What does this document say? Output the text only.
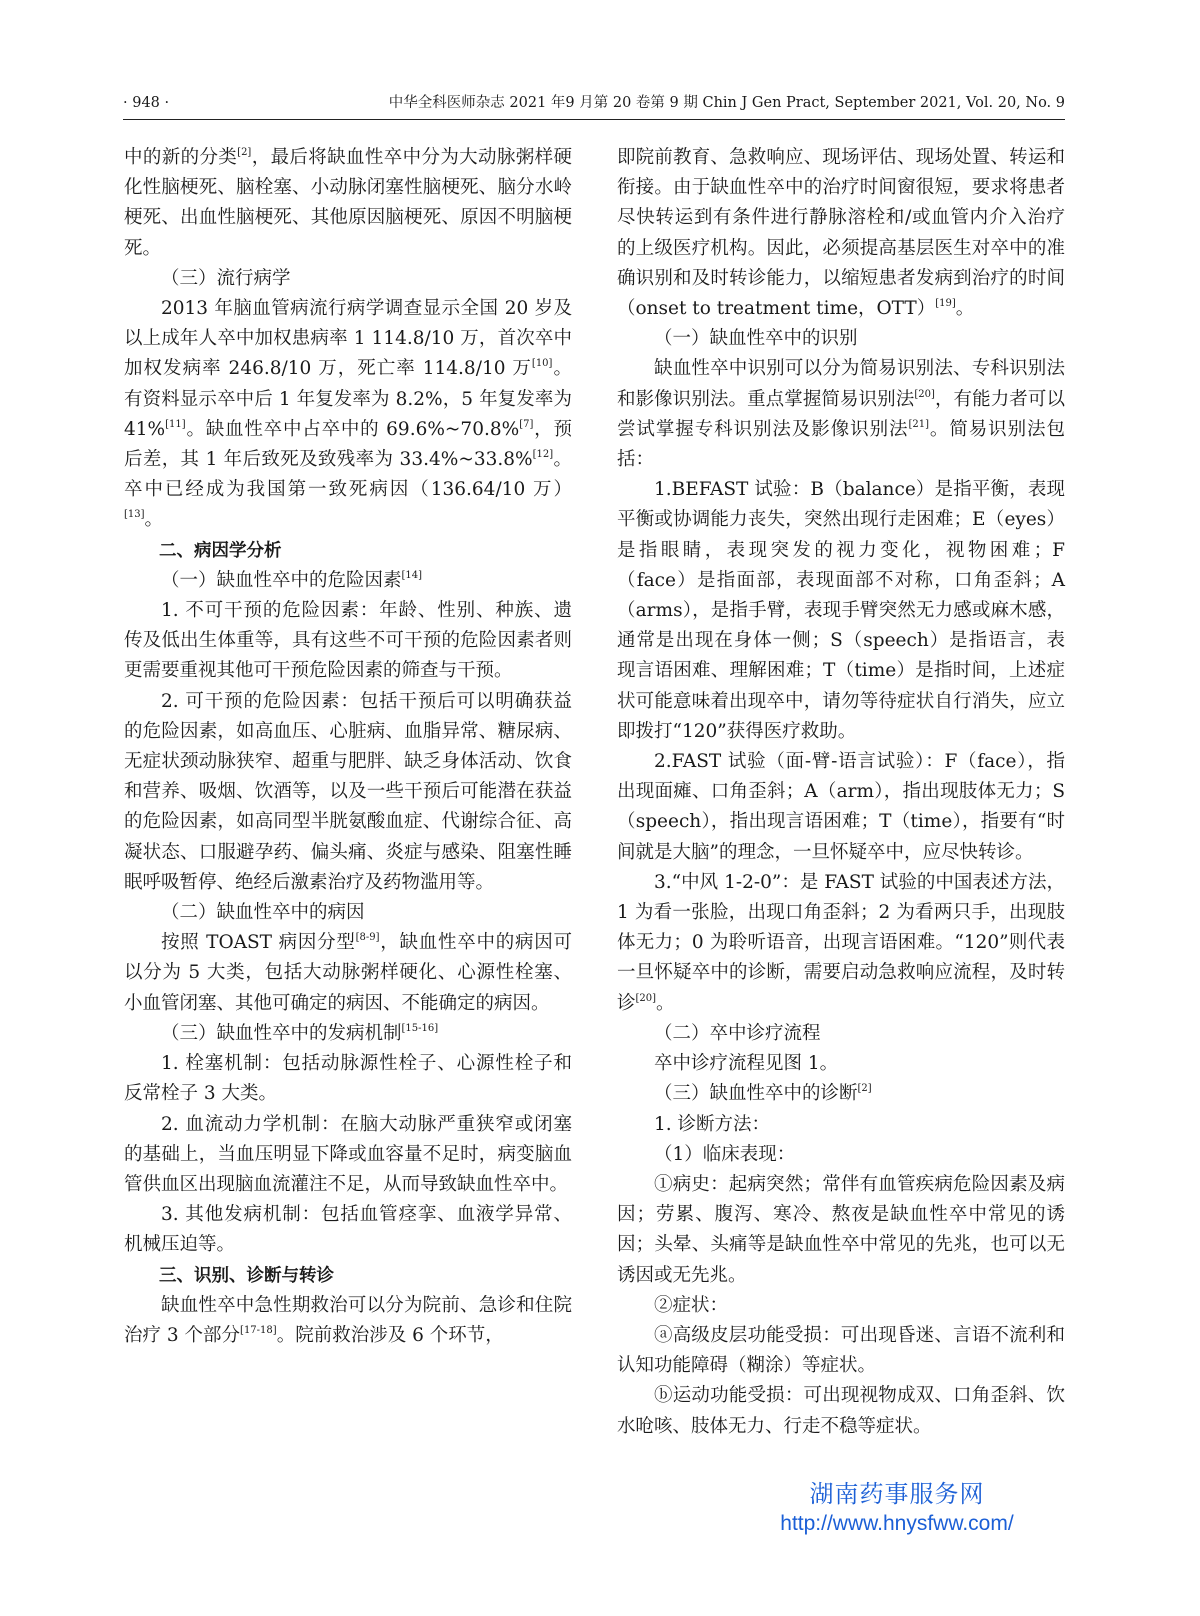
· 948 ·	中华全科医师杂志 2021 年9 月第 20 卷第 9 期 Chin J Gen Pract, September 2021, Vol. 20, No. 9

中的新的分类[2]，最后将缺血性卒中分为大动脉粥样硬化性脑梗死、脑栓塞、小动脉闭塞性脑梗死、脑分水岭梗死、出血性脑梗死、其他原因脑梗死、原因不明脑梗死。

（三）流行病学

2013 年脑血管病流行病学调查显示全国 20 岁及以上成年人卒中加权患病率 1 114.8/10 万，首次卒中加权发病率 246.8/10 万，死亡率 114.8/10 万[10]。有资料显示卒中后 1 年复发率为 8.2%，5 年复发率为 41%[11]。缺血性卒中占卒中的 69.6%~70.8%[7]，预后差，其 1 年后致死及致残率为 33.4%~33.8%[12]。卒中已经成为我国第一致死病因（136.64/10 万）[13]。

二、病因学分析

（一）缺血性卒中的危险因素[14]

1. 不可干预的危险因素：年龄、性别、种族、遗传及低出生体重等，具有这些不可干预的危险因素者则更需要重视其他可干预危险因素的筛查与干预。

2. 可干预的危险因素：包括干预后可以明确获益的危险因素，如高血压、心脏病、血脂异常、糖尿病、无症状颈动脉狭窄、超重与肥胖、缺乏身体活动、饮食和营养、吸烟、饮酒等，以及一些干预后可能潜在获益的危险因素，如高同型半胱氨酸血症、代谢综合征、高凝状态、口服避孕药、偏头痛、炎症与感染、阻塞性睡眠呼吸暂停、绝经后激素治疗及药物滥用等。

（二）缺血性卒中的病因

按照 TOAST 病因分型[8-9]，缺血性卒中的病因可以分为 5 大类，包括大动脉粥样硬化、心源性栓塞、小血管闭塞、其他可确定的病因、不能确定的病因。

（三）缺血性卒中的发病机制[15-16]

1. 栓塞机制：包括动脉源性栓子、心源性栓子和反常栓子 3 大类。

2. 血流动力学机制：在脑大动脉严重狭窄或闭塞的基础上，当血压明显下降或血容量不足时，病变脑血管供血区出现脑血流灌注不足，从而导致缺血性卒中。

3. 其他发病机制：包括血管痉挛、血液学异常、机械压迫等。

三、识别、诊断与转诊

缺血性卒中急性期救治可以分为院前、急诊和住院治疗 3 个部分[17-18]。院前救治涉及 6 个环节，

即院前教育、急救响应、现场评估、现场处置、转运和衔接。由于缺血性卒中的治疗时间窗很短，要求将患者尽快转运到有条件进行静脉溶栓和/或血管内介入治疗的上级医疗机构。因此，必须提高基层医生对卒中的准确识别和及时转诊能力，以缩短患者发病到治疗的时间（onset to treatment time，OTT）[19]。

（一）缺血性卒中的识别

缺血性卒中识别可以分为简易识别法、专科识别法和影像识别法。重点掌握简易识别法[20]，有能力者可以尝试掌握专科识别法及影像识别法[21]。简易识别法包括：

1.BEFAST 试验：B（balance）是指平衡，表现平衡或协调能力丧失，突然出现行走困难；E（eyes）是指眼睛，表现突发的视力变化，视物困难；F（face）是指面部，表现面部不对称，口角歪斜；A（arms），是指手臂，表现手臂突然无力感或麻木感，通常是出现在身体一侧；S（speech）是指语言，表现言语困难、理解困难；T（time）是指时间，上述症状可能意味着出现卒中，请勿等待症状自行消失，应立即拨打“120”获得医疗救助。

2.FAST 试验（面-臂-语言试验）：F（face），指出现面瘫、口角歪斜；A（arm），指出现肢体无力；S（speech），指出现言语困难；T（time），指要有“时间就是大脑”的理念，一旦怀疑卒中，应尽快转诊。

3.“中风 1-2-0”：是 FAST 试验的中国表述方法，1 为看一张脸，出现口角歪斜；2 为看两只手，出现肢体无力；0 为聆听语音，出现言语困难。“120”则代表一旦怀疑卒中的诊断，需要启动急救响应流程，及时转诊[20]。

（二）卒中诊疗流程

卒中诊疗流程见图 1。

（三）缺血性卒中的诊断[2]

1. 诊断方法：

（1）临床表现：

①病史：起病突然；常伴有血管疾病危险因素及病因；劳累、腹泻、寒冷、熬夜是缺血性卒中常见的诱因；头晕、头痛等是缺血性卒中常见的先兆，也可以无诱因或无先兆。

②症状：

ⓐ高级皮层功能受损：可出现昏迷、言语不流利和认知功能障碍（糊涂）等症状。

ⓑ运动功能受损：可出现视物成双、口角歪斜、饮水呛咳、肢体无力、行走不稳等症状。

湖南药事服务网
http://www.hnysfww.com/
